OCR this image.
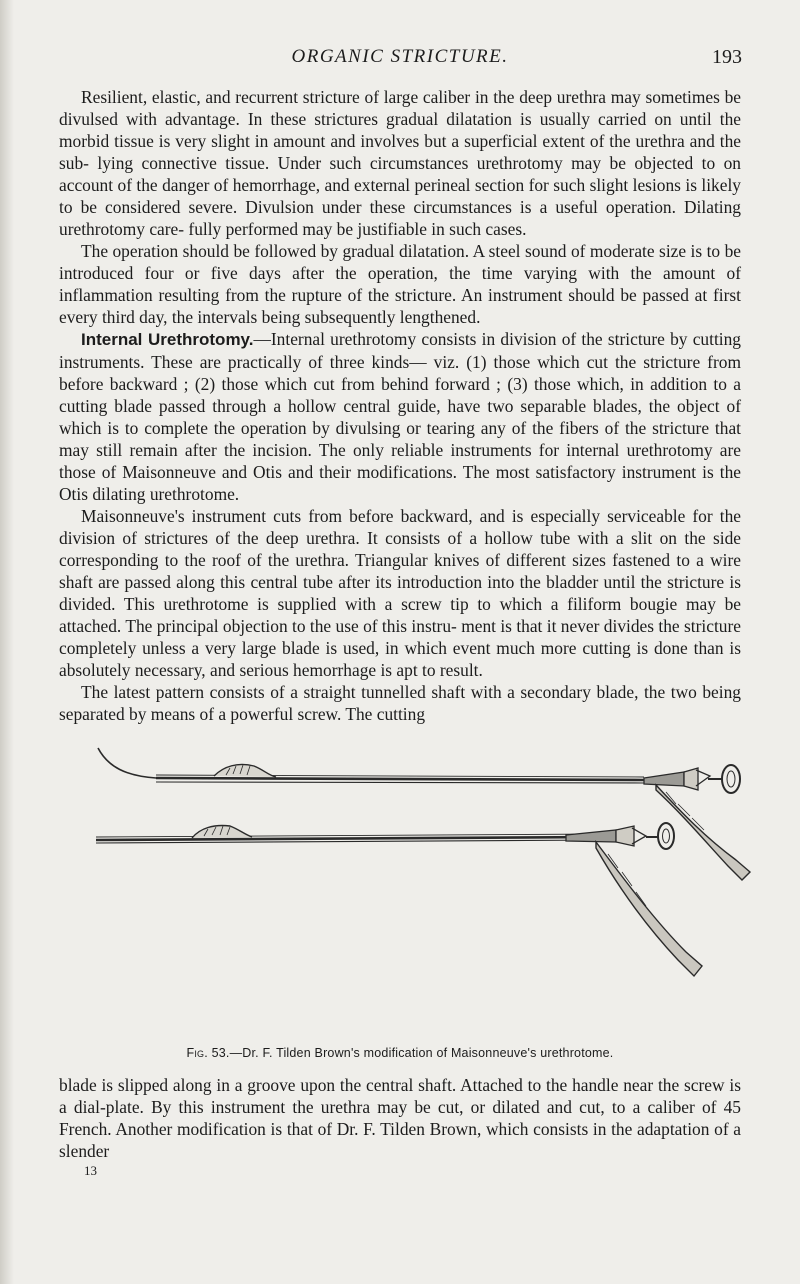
ORGANIC STRICTURE.	193

Resilient, elastic, and recurrent stricture of large caliber in the deep urethra may sometimes be divulsed with advantage. In these strictures gradual dilatation is usually carried on until the morbid tissue is very slight in amount and involves but a superficial extent of the urethra and the sub- lying connective tissue. Under such circumstances urethrotomy may be objected to on account of the danger of hemorrhage, and external perineal section for such slight lesions is likely to be considered severe. Divulsion under these circumstances is a useful operation. Dilating urethrotomy care- fully performed may be justifiable in such cases.

The operation should be followed by gradual dilatation. A steel sound of moderate size is to be introduced four or five days after the operation, the time varying with the amount of inflammation resulting from the rupture of the stricture. An instrument should be passed at first every third day, the intervals being subsequently lengthened.

Internal Urethrotomy.—Internal urethrotomy consists in division of the stricture by cutting instruments. These are practically of three kinds— viz. (1) those which cut the stricture from before backward ; (2) those which cut from behind forward ; (3) those which, in addition to a cutting blade passed through a hollow central guide, have two separable blades, the object of which is to complete the operation by divulsing or tearing any of the fibers of the stricture that may still remain after the incision. The only reliable instruments for internal urethrotomy are those of Maisonneuve and Otis and their modifications. The most satisfactory instrument is the Otis dilating urethrotome.

Maisonneuve's instrument cuts from before backward, and is especially serviceable for the division of strictures of the deep urethra. It consists of a hollow tube with a slit on the side corresponding to the roof of the urethra. Triangular knives of different sizes fastened to a wire shaft are passed along this central tube after its introduction into the bladder until the stricture is divided. This urethrotome is supplied with a screw tip to which a filiform bougie may be attached. The principal objection to the use of this instru- ment is that it never divides the stricture completely unless a very large blade is used, in which event much more cutting is done than is absolutely necessary, and serious hemorrhage is apt to result.

The latest pattern consists of a straight tunnelled shaft with a secondary blade, the two being separated by means of a powerful screw. The cutting

Fig. 53.—Dr. F. Tilden Brown's modification of Maisonneuve's urethrotome.

blade is slipped along in a groove upon the central shaft. Attached to the handle near the screw is a dial-plate. By this instrument the urethra may be cut, or dilated and cut, to a caliber of 45 French. Another modification is that of Dr. F. Tilden Brown, which consists in the adaptation of a slender

13
